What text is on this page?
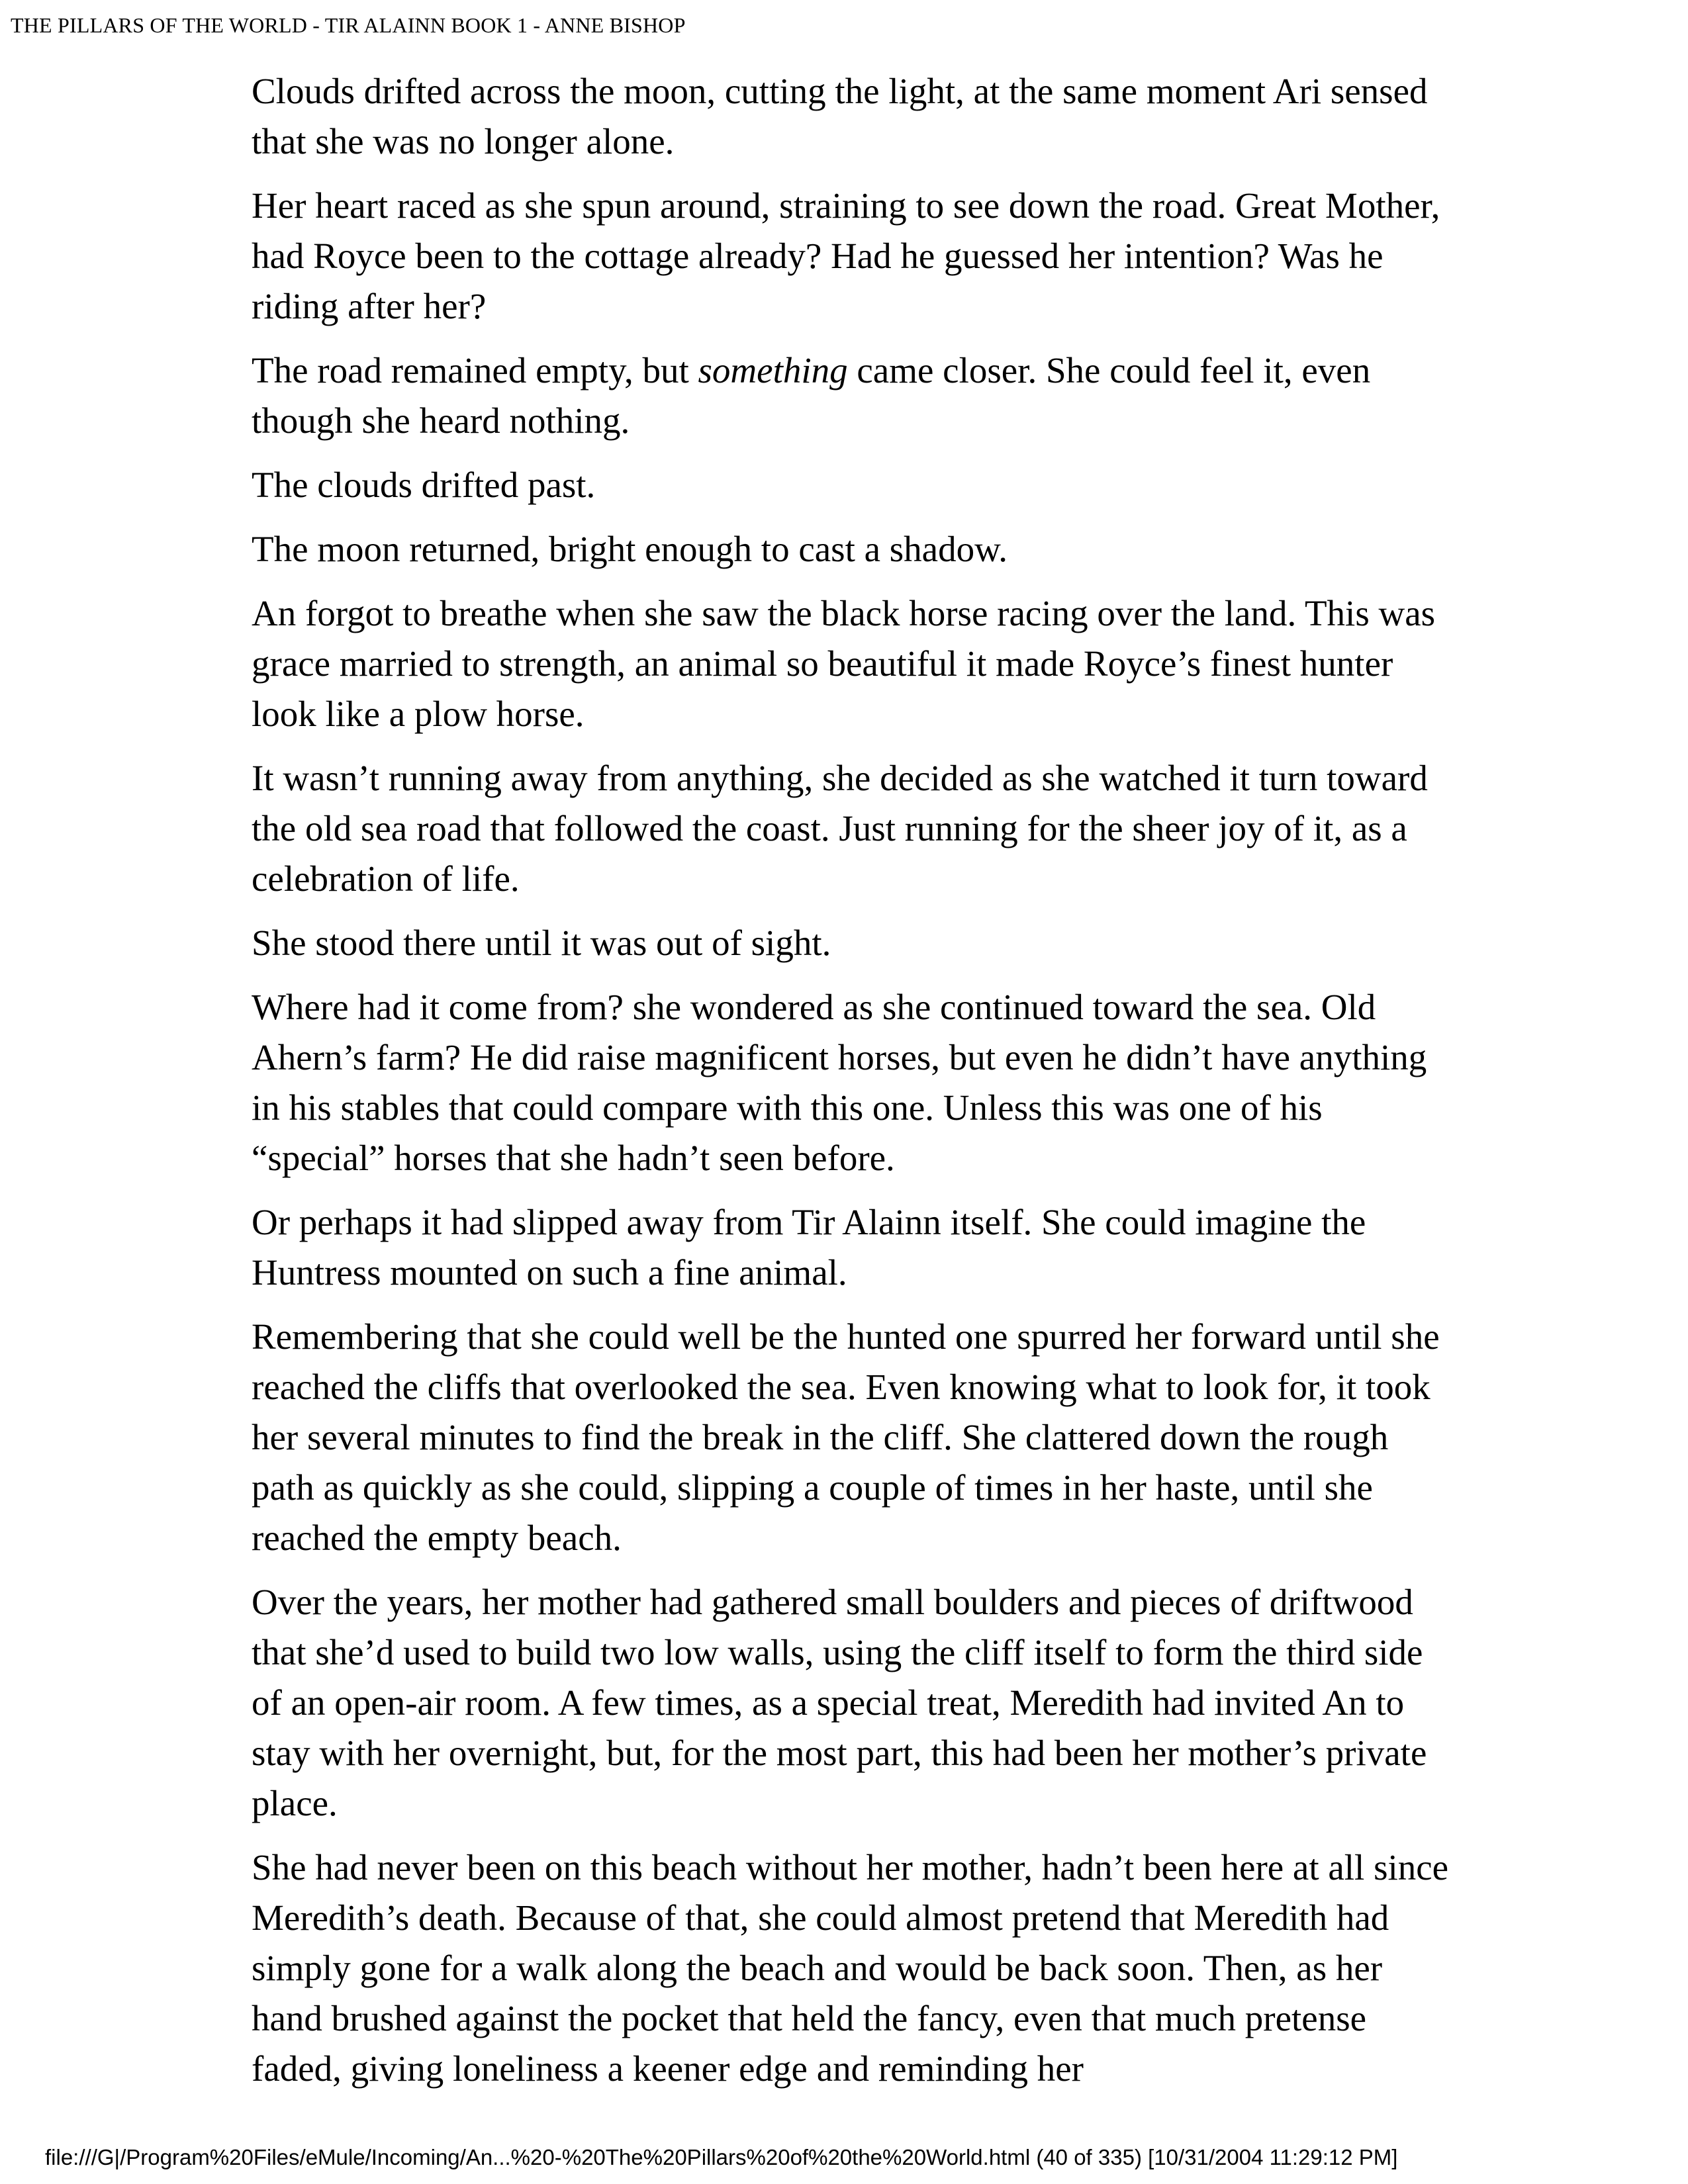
THE PILLARS OF THE WORLD - TIR ALAINN BOOK 1 - ANNE BISHOP

Clouds drifted across the moon, cutting the light, at the same moment Ari sensed that she was no longer alone.

Her heart raced as she spun around, straining to see down the road. Great Mother, had Royce been to the cottage already? Had he guessed her intention? Was he riding after her?

The road remained empty, but something came closer. She could feel it, even though she heard nothing.

The clouds drifted past.

The moon returned, bright enough to cast a shadow.

An forgot to breathe when she saw the black horse racing over the land. This was grace married to strength, an animal so beautiful it made Royce’s finest hunter look like a plow horse.

It wasn’t running away from anything, she decided as she watched it turn toward the old sea road that followed the coast. Just running for the sheer joy of it, as a celebration of life.

She stood there until it was out of sight.

Where had it come from? she wondered as she continued toward the sea. Old Ahern’s farm? He did raise magnificent horses, but even he didn’t have anything in his stables that could compare with this one. Unless this was one of his “special” horses that she hadn’t seen before.

Or perhaps it had slipped away from Tir Alainn itself. She could imagine the Huntress mounted on such a fine animal.

Remembering that she could well be the hunted one spurred her forward until she reached the cliffs that overlooked the sea. Even knowing what to look for, it took her several minutes to find the break in the cliff. She clattered down the rough path as quickly as she could, slipping a couple of times in her haste, until she reached the empty beach.

Over the years, her mother had gathered small boulders and pieces of driftwood that she’d used to build two low walls, using the cliff itself to form the third side of an open-air room. A few times, as a special treat, Meredith had invited An to stay with her overnight, but, for the most part, this had been her mother’s private place.

She had never been on this beach without her mother, hadn’t been here at all since Meredith’s death. Because of that, she could almost pretend that Meredith had simply gone for a walk along the beach and would be back soon. Then, as her hand brushed against the pocket that held the fancy, even that much pretense faded, giving loneliness a keener edge and reminding her

file:///G|/Program%20Files/eMule/Incoming/An...%20-%20The%20Pillars%20of%20the%20World.html (40 of 335) [10/31/2004 11:29:12 PM]
